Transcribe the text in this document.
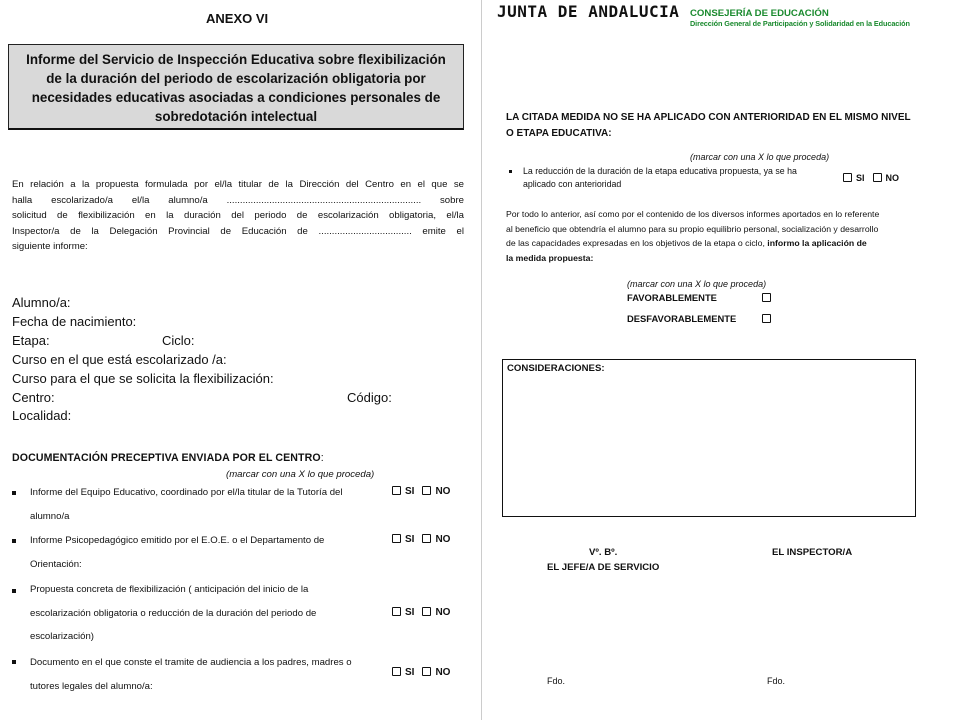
ANEXO VI
Informe del Servicio de Inspección Educativa sobre flexibilización de la duración del periodo de escolarización obligatoria por necesidades educativas asociadas a condiciones personales de sobredotación intelectual
En relación a la propuesta formulada por el/la titular de la Dirección del Centro en el que se
halla escolarizado/a el/la alumno/a ......................................................................... sobre
solicitud de flexibilización en la duración del periodo de escolarización obligatoria, el/la
Inspector/a de la Delegación Provincial de Educación de ................................... emite el
siguiente informe:
Alumno/a:
Fecha de nacimiento:
Etapa:	Ciclo:
Curso en el que está escolarizado /a:
Curso para el que se solicita la flexibilización:
Centro:	Código:
Localidad:
DOCUMENTACIÓN PRECEPTIVA ENVIADA POR EL CENTRO:
(marcar con una X lo que proceda)
Informe del Equipo Educativo, coordinado por el/la titular de la Tutoría del
alumno/a
SI NO
Informe Psicopedagógico emitido por el E.O.E. o el Departamento de
Orientación:
SI NO
Propuesta concreta de flexibilización ( anticipación del inicio de la
escolarización obligatoria o reducción de la duración del periodo de
escolarización)
SI NO
Documento en el que conste el tramite de audiencia a los padres, madres o
tutores legales del alumno/a:
SI NO
JUNTA DE ANDALUCIA CONSEJERÍA DE EDUCACIÓN
Dirección General de Participación y Solidaridad en la Educación
LA CITADA MEDIDA NO SE HA APLICADO CON ANTERIORIDAD EN EL MISMO NIVEL
O ETAPA EDUCATIVA:
(marcar con una X lo que proceda)
La reducción de la duración de la etapa educativa propuesta, ya se ha
aplicado con anterioridad
SI NO
Por todo lo anterior, así como por el contenido de los diversos informes aportados en lo referente
al beneficio que obtendría el alumno para su propio equilibrio personal, socialización y desarrollo
de las capacidades expresadas en los objetivos de la etapa o ciclo, informo la aplicación de
la medida propuesta:
(marcar con una X lo que proceda)
FAVORABLEMENTE
DESFAVORABLEMENTE
CONSIDERACIONES:
Vº. Bº.
EL JEFE/A DE SERVICIO
EL INSPECTOR/A
Fdo.	Fdo.
